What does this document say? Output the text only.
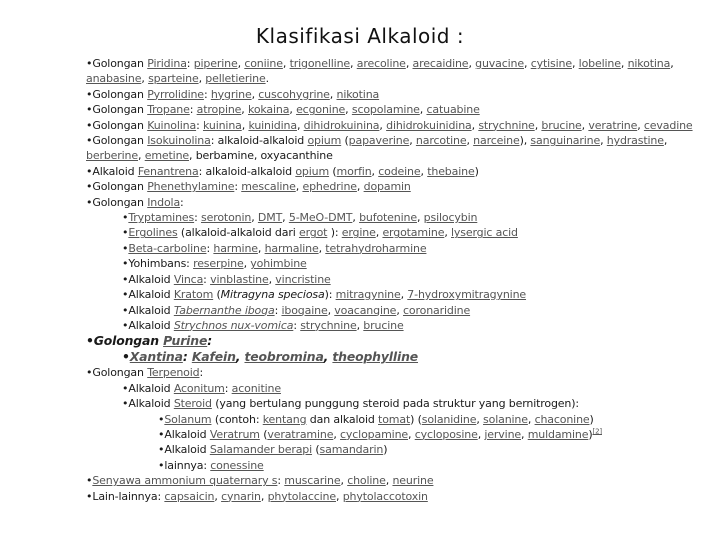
Klasifikasi Alkaloid :
•Golongan Piridina: piperine, coniine, trigonelline, arecoline, arecaidine, guvacine, cytisine, lobeline, nikotina, anabasine, sparteine, pelletierine.
•Golongan Pyrrolidine: hygrine, cuscohygrine, nikotina
•Golongan Tropane: atropine, kokaina, ecgonine, scopolamine, catuabine
•Golongan Kuinolina: kuinina, kuinidina, dihidrokuinina, dihidrokuinidina, strychnine, brucine, veratrine, cevadine
•Golongan Isokuinolina: alkaloid-alkaloid opium (papaverine, narcotine, narceine), sanguinarine, hydrastine, berberine, emetine, berbamine, oxyacanthine
•Alkaloid Fenantrena: alkaloid-alkaloid opium (morfin, codeine, thebaine)
•Golongan Phenethylamine: mescaline, ephedrine, dopamin
•Golongan Indola:
•Tryptamines: serotonin, DMT, 5-MeO-DMT, bufotenine, psilocybin
•Ergolines (alkaloid-alkaloid dari ergot ): ergine, ergotamine, lysergic acid
•Beta-carboline: harmine, harmaline, tetrahydroharmine
•Yohimbans: reserpine, yohimbine
•Alkaloid Vinca: vinblastine, vincristine
•Alkaloid Kratom (Mitragyna speciosa): mitragynine, 7-hydroxymitragynine
•Alkaloid Tabernanthe iboga: ibogaine, voacangine, coronaridine
•Alkaloid Strychnos nux-vomica: strychnine, brucine
•Golongan Purine:
•Xantina: Kafein, teobromina, theophylline
•Golongan Terpenoid:
•Alkaloid Aconitum: aconitine
•Alkaloid Steroid (yang bertulang punggung steroid pada struktur yang bernitrogen):
•Solanum (contoh: kentang dan alkaloid tomat) (solanidine, solanine, chaconine)
•Alkaloid Veratrum (veratramine, cyclopamine, cycloposine, jervine, muldamine)[2]
•Alkaloid Salamander berapi (samandarin)
•lainnya: conessine
•Senyawa ammonium quaternary s: muscarine, choline, neurine
•Lain-lainnya: capsaicin, cynarin, phytolaccine, phytolaccotoxin
